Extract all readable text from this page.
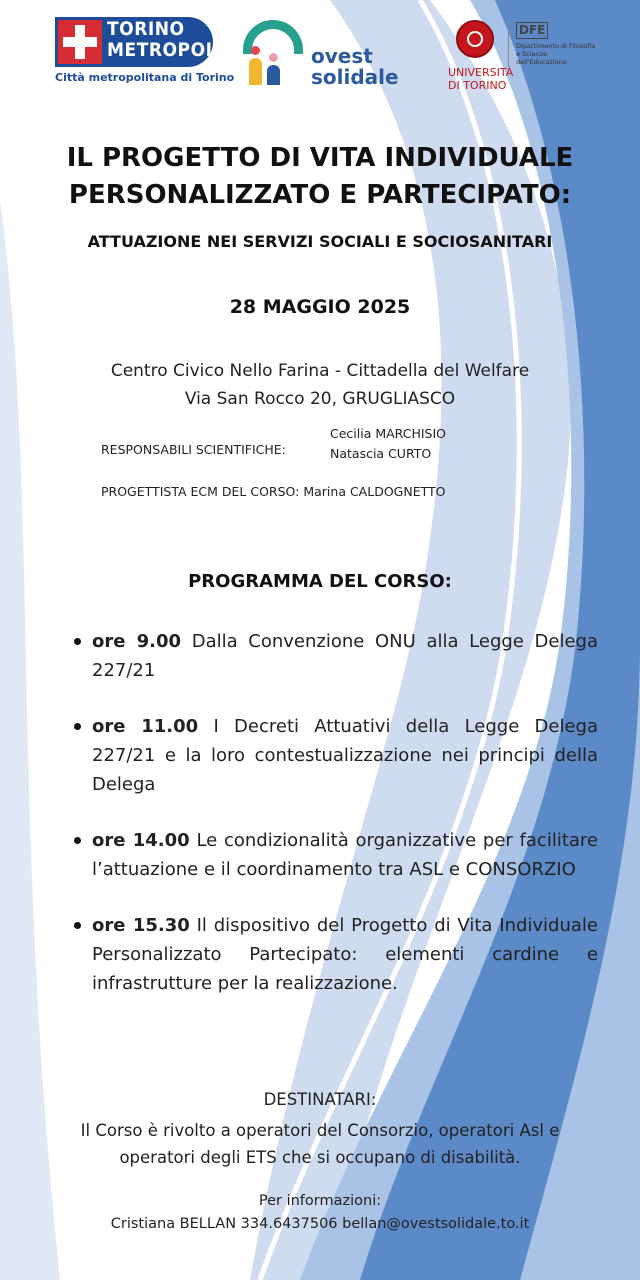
TORINO
METROPOLI
Città metropolitana di Torino
ovest
solidale	UNIVERSITÀ
DI TORINO
DFE
Dipartimento di Filosofia e Scienze dell'Educazione
IL PROGETTO DI VITA INDIVIDUALE
PERSONALIZZATO E PARTECIPATO:
ATTUAZIONE NEI SERVIZI SOCIALI E SOCIOSANITARI
28 MAGGIO 2025
Centro Civico Nello Farina - Cittadella del Welfare
Via San Rocco 20, GRUGLIASCO
RESPONSABILI SCIENTIFICHE:
Cecilia MARCHISIO
Natascia CURTO
PROGETTISTA ECM DEL CORSO: Marina CALDOGNETTO
PROGRAMMA DEL CORSO:
ore 9.00 Dalla Convenzione ONU alla Legge Delega 227/21
ore 11.00 I Decreti Attuativi della Legge Delega 227/21 e la loro contestualizzazione nei principi della Delega
ore 14.00 Le condizionalità organizzative per facilitare l’attuazione e il coordinamento tra ASL e CONSORZIO
ore 15.30 Il dispositivo del Progetto di Vita Individuale Personalizzato Partecipato: elementi cardine e infrastrutture per la realizzazione.
DESTINATARI:
Il Corso è rivolto a operatori del Consorzio, operatori Asl e
operatori degli ETS che si occupano di disabilità.
Per informazioni:
Cristiana BELLAN 334.6437506 bellan@ovestsolidale.to.it
